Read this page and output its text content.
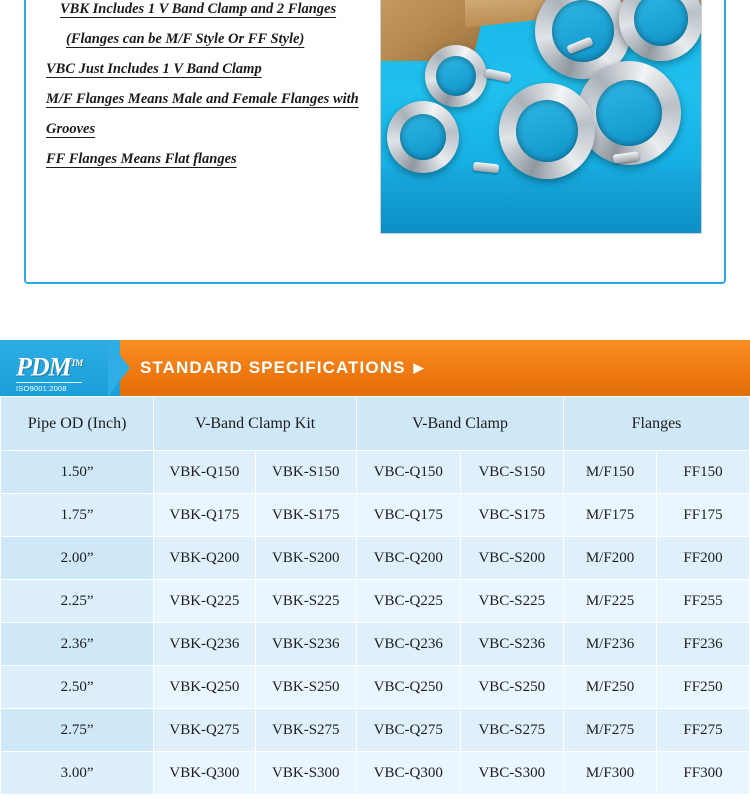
VBK Includes 1 V Band Clamp and 2 Flanges (Flanges can be M/F Style Or FF Style)
VBC Just Includes 1 V Band Clamp
M/F Flanges Means Male and Female Flanges with Grooves
FF Flanges Means Flat flanges
PDM™
ISO9001:2008
STANDARD SPECIFICATIONS ▶
Pipe OD (Inch)	V-Band Clamp Kit		V-Band Clamp		Flanges	
1.50”	VBK-Q150	VBK-S150	VBC-Q150	VBC-S150	M/F150	FF150
1.75”	VBK-Q175	VBK-S175	VBC-Q175	VBC-S175	M/F175	FF175
2.00”	VBK-Q200	VBK-S200	VBC-Q200	VBC-S200	M/F200	FF200
2.25”	VBK-Q225	VBK-S225	VBC-Q225	VBC-S225	M/F225	FF255
2.36”	VBK-Q236	VBK-S236	VBC-Q236	VBC-S236	M/F236	FF236
2.50”	VBK-Q250	VBK-S250	VBC-Q250	VBC-S250	M/F250	FF250
2.75”	VBK-Q275	VBK-S275	VBC-Q275	VBC-S275	M/F275	FF275
3.00”	VBK-Q300	VBK-S300	VBC-Q300	VBC-S300	M/F300	FF300
